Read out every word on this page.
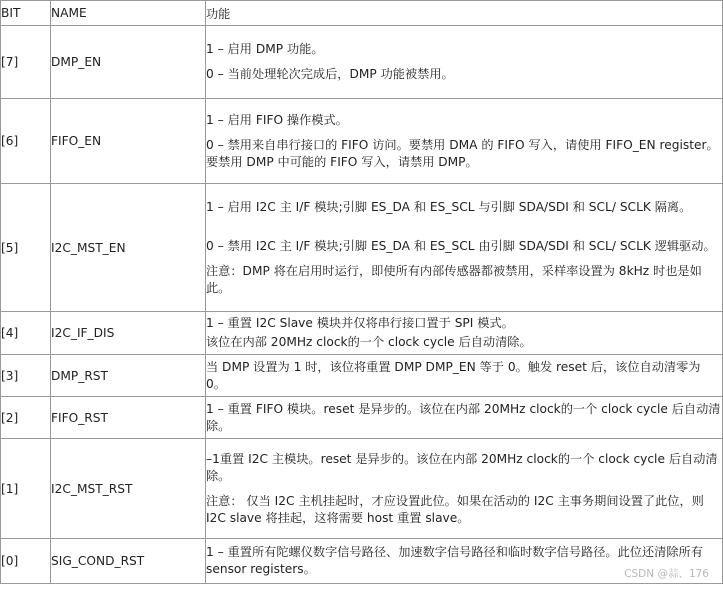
BIT	NAME	功能
[7]	DMP_EN	1 – 启用 DMP 功能。

0 – 当前处理轮次完成后，DMP 功能被禁用。

[6]	FIFO_EN	1 – 启用 FIFO 操作模式。

0 – 禁用来自串行接口的 FIFO 访问。要禁用 DMA 的 FIFO 写入，请使用 FIFO_EN register。要禁用 DMP 中可能的 FIFO 写入，请禁用 DMP。

[5]	I2C_MST_EN	1 – 启用 I2C 主 I/F 模块;引脚 ES_DA 和 ES_SCL 与引脚 SDA/SDI 和 SCL/ SCLK 隔离。

0 – 禁用 I2C 主 I/F 模块;引脚 ES_DA 和 ES_SCL 由引脚 SDA/SDI 和 SCL/ SCLK 逻辑驱动。

注意：DMP 将在启用时运行，即使所有内部传感器都被禁用，采样率设置为 8kHz 时也是如此。

[4]	I2C_IF_DIS	1 – 重置 I2C Slave 模块并仅将串行接口置于 SPI 模式。

该位在内部 20MHz clock的一个 clock cycle 后自动清除。

[3]	DMP_RST	当 DMP 设置为 1 时，该位将重置 DMP DMP_EN 等于 0。触发 reset 后，该位自动清零为 0。

[2]	FIFO_RST	1 – 重置 FIFO 模块。reset 是异步的。该位在内部 20MHz clock的一个 clock cycle 后自动清除。

[1]	I2C_MST_RST	–1重置 I2C 主模块。reset 是异步的。该位在内部 20MHz clock的一个 clock cycle 后自动清除。

注意： 仅当 I2C 主机挂起时，才应设置此位。如果在活动的 I2C 主事务期间设置了此位，则 I2C slave 将挂起，这将需要 host 重置 slave。

[0]	SIG_COND_RST	1 – 重置所有陀螺仪数字信号路径、加速数字信号路径和临时数字信号路径。此位还清除所有 sensor registers。	CSDN @蒜、176
